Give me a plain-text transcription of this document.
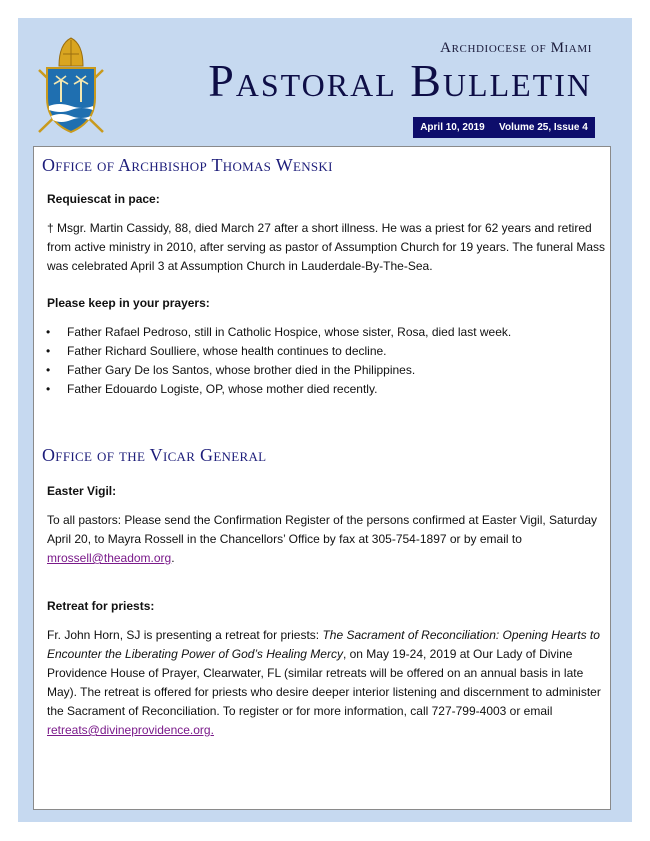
Archdiocese of Miami
Pastoral Bulletin
April 10, 2019 Volume 25, Issue 4
Office of Archbishop Thomas Wenski
Requiescat in pace:
† Msgr. Martin Cassidy, 88, died March 27 after a short illness. He was a priest for 62 years and retired from active ministry in 2010, after serving as pastor of Assumption Church for 19 years. The funeral Mass was celebrated April 3 at Assumption Church in Lauderdale-By-The-Sea.
Please keep in your prayers:
• Father Rafael Pedroso, still in Catholic Hospice, whose sister, Rosa, died last week.
• Father Richard Soulliere, whose health continues to decline.
• Father Gary De los Santos, whose brother died in the Philippines.
• Father Edouardo Logiste, OP, whose mother died recently.
Office of the Vicar General
Easter Vigil:
To all pastors: Please send the Confirmation Register of the persons confirmed at Easter Vigil, Saturday April 20, to Mayra Rossell in the Chancellors’ Office by fax at 305-754-1897 or by email to mrossell@theadom.org.
Retreat for priests:
Fr. John Horn, SJ is presenting a retreat for priests: The Sacrament of Reconciliation: Opening Hearts to Encounter the Liberating Power of God’s Healing Mercy, on May 19-24, 2019 at Our Lady of Divine Providence House of Prayer, Clearwater, FL (similar retreats will be offered on an annual basis in late May). The retreat is offered for priests who desire deeper interior listening and discernment to administer the Sacrament of Reconciliation. To register or for more information, call 727-799-4003 or email retreats@divineprovidence.org.
